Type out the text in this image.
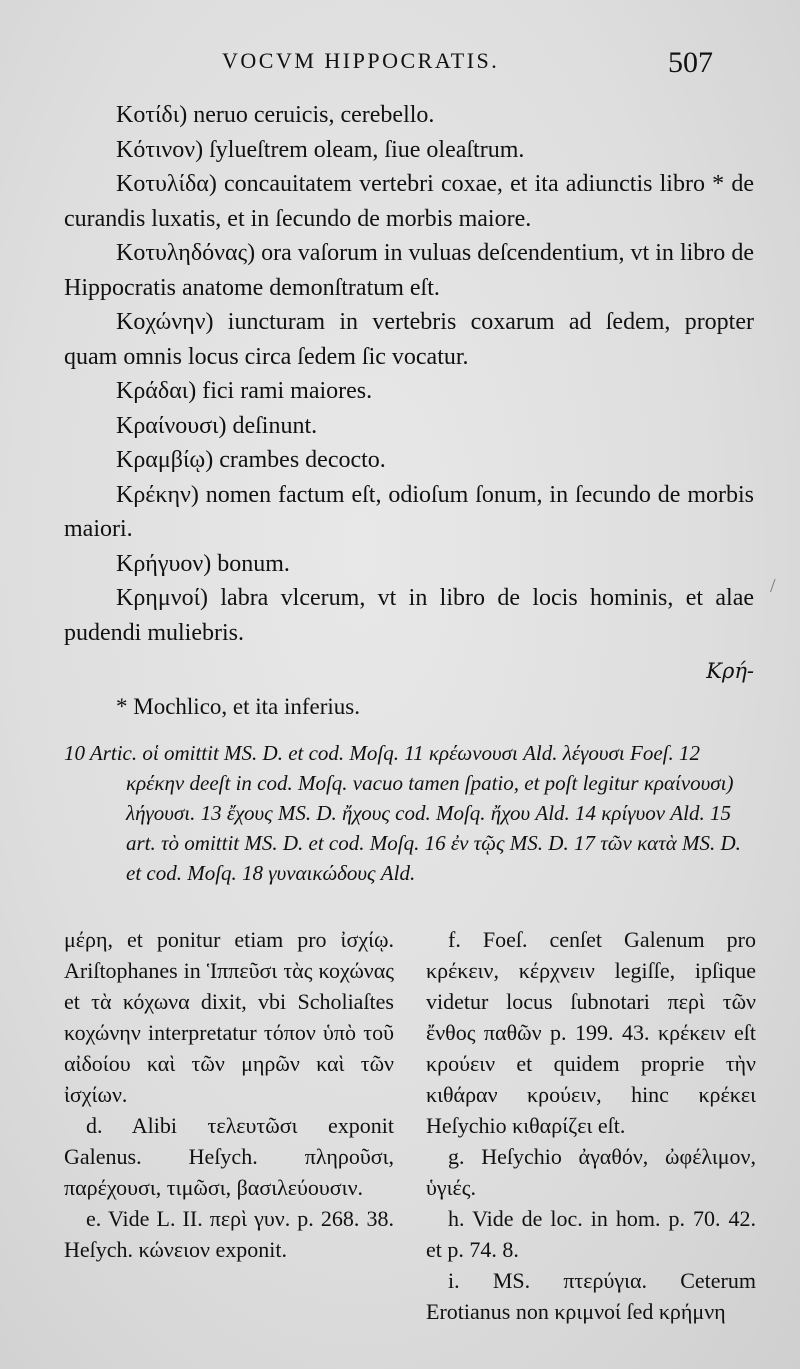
VOCVM HIPPOCRATIS.	507

Κοτίδι) neruo ceruicis, cerebello.

Κότινον) ſylueſtrem oleam, ſiue oleaſtrum.

Κοτυλίδα) concauitatem vertebri coxae, et ita adiunctis libro * de curandis luxatis, et in ſecundo de morbis maiore.

Κοτυληδόνας) ora vaſorum in vuluas deſcendentium, vt in libro de Hippocratis anatome demonſtratum eſt.

Κοχώνην) iuncturam in vertebris coxarum ad ſedem, propter quam omnis locus circa ſedem ſic vocatur.

Κράδαι) fici rami maiores.

Κραίνουσι) deſinunt.

Κραμβίῳ) crambes decocto.

Κρέκην) nomen factum eſt, odioſum ſonum, in ſecundo de morbis maiori.

Κρήγυον) bonum.

Κρημνοί) labra vlcerum, vt in libro de locis hominis, et alae pudendi muliebris.

Κρή-

* Mochlico, et ita inferius.

10 Artic. οἱ omittit MS. D. et cod. Moſq. 11 κρέωνουσι Ald. λέγουσι Foeſ. 12 κρέκην deeſt in cod. Moſq. vacuo tamen ſpatio, et poſt legitur κραίνουσι) λήγουσι. 13 ἔχους MS. D. ἤχους cod. Moſq. ἤχου Ald. 14 κρίγυον Ald. 15 art. τὸ omittit MS. D. et cod. Moſq. 16 ἐν τῷς MS. D. 17 τῶν κατὰ MS. D. et cod. Moſq. 18 γυναικώδους Ald.

μέρη, et ponitur etiam pro ἰσχίῳ. Ariſtophanes in Ἱππεῦσι τὰς κοχώνας et τὰ κόχωνα dixit, vbi Scholiaſtes κοχώνην interpretatur τόπον ὑπὸ τοῦ αἰδοίου καὶ τῶν μηρῶν καὶ τῶν ἰσχίων.

d. Alibi τελευτῶσι exponit Galenus. Heſych. πληροῦσι, παρέχουσι, τιμῶσι, βασιλεύουσιν.

e. Vide L. II. περὶ γυν. p. 268. 38. Heſych. κώνειον exponit.

f. Foeſ. cenſet Galenum pro κρέκειν, κέρχνειν legiſſe, ipſique videtur locus ſubnotari περὶ τῶν ἔνθος παθῶν p. 199. 43. κρέκειν eſt κρούειν et quidem proprie τὴν κιθάραν κρούειν, hinc κρέκει Heſychio κιθαρίζει eſt.

g. Heſychio ἀγαθόν, ὠφέλιμον, ὑγιές.

h. Vide de loc. in hom. p. 70. 42. et p. 74. 8.

i. MS. πτερύγια. Ceterum Erotianus non κριμνοί ſed κρήμνη

/
